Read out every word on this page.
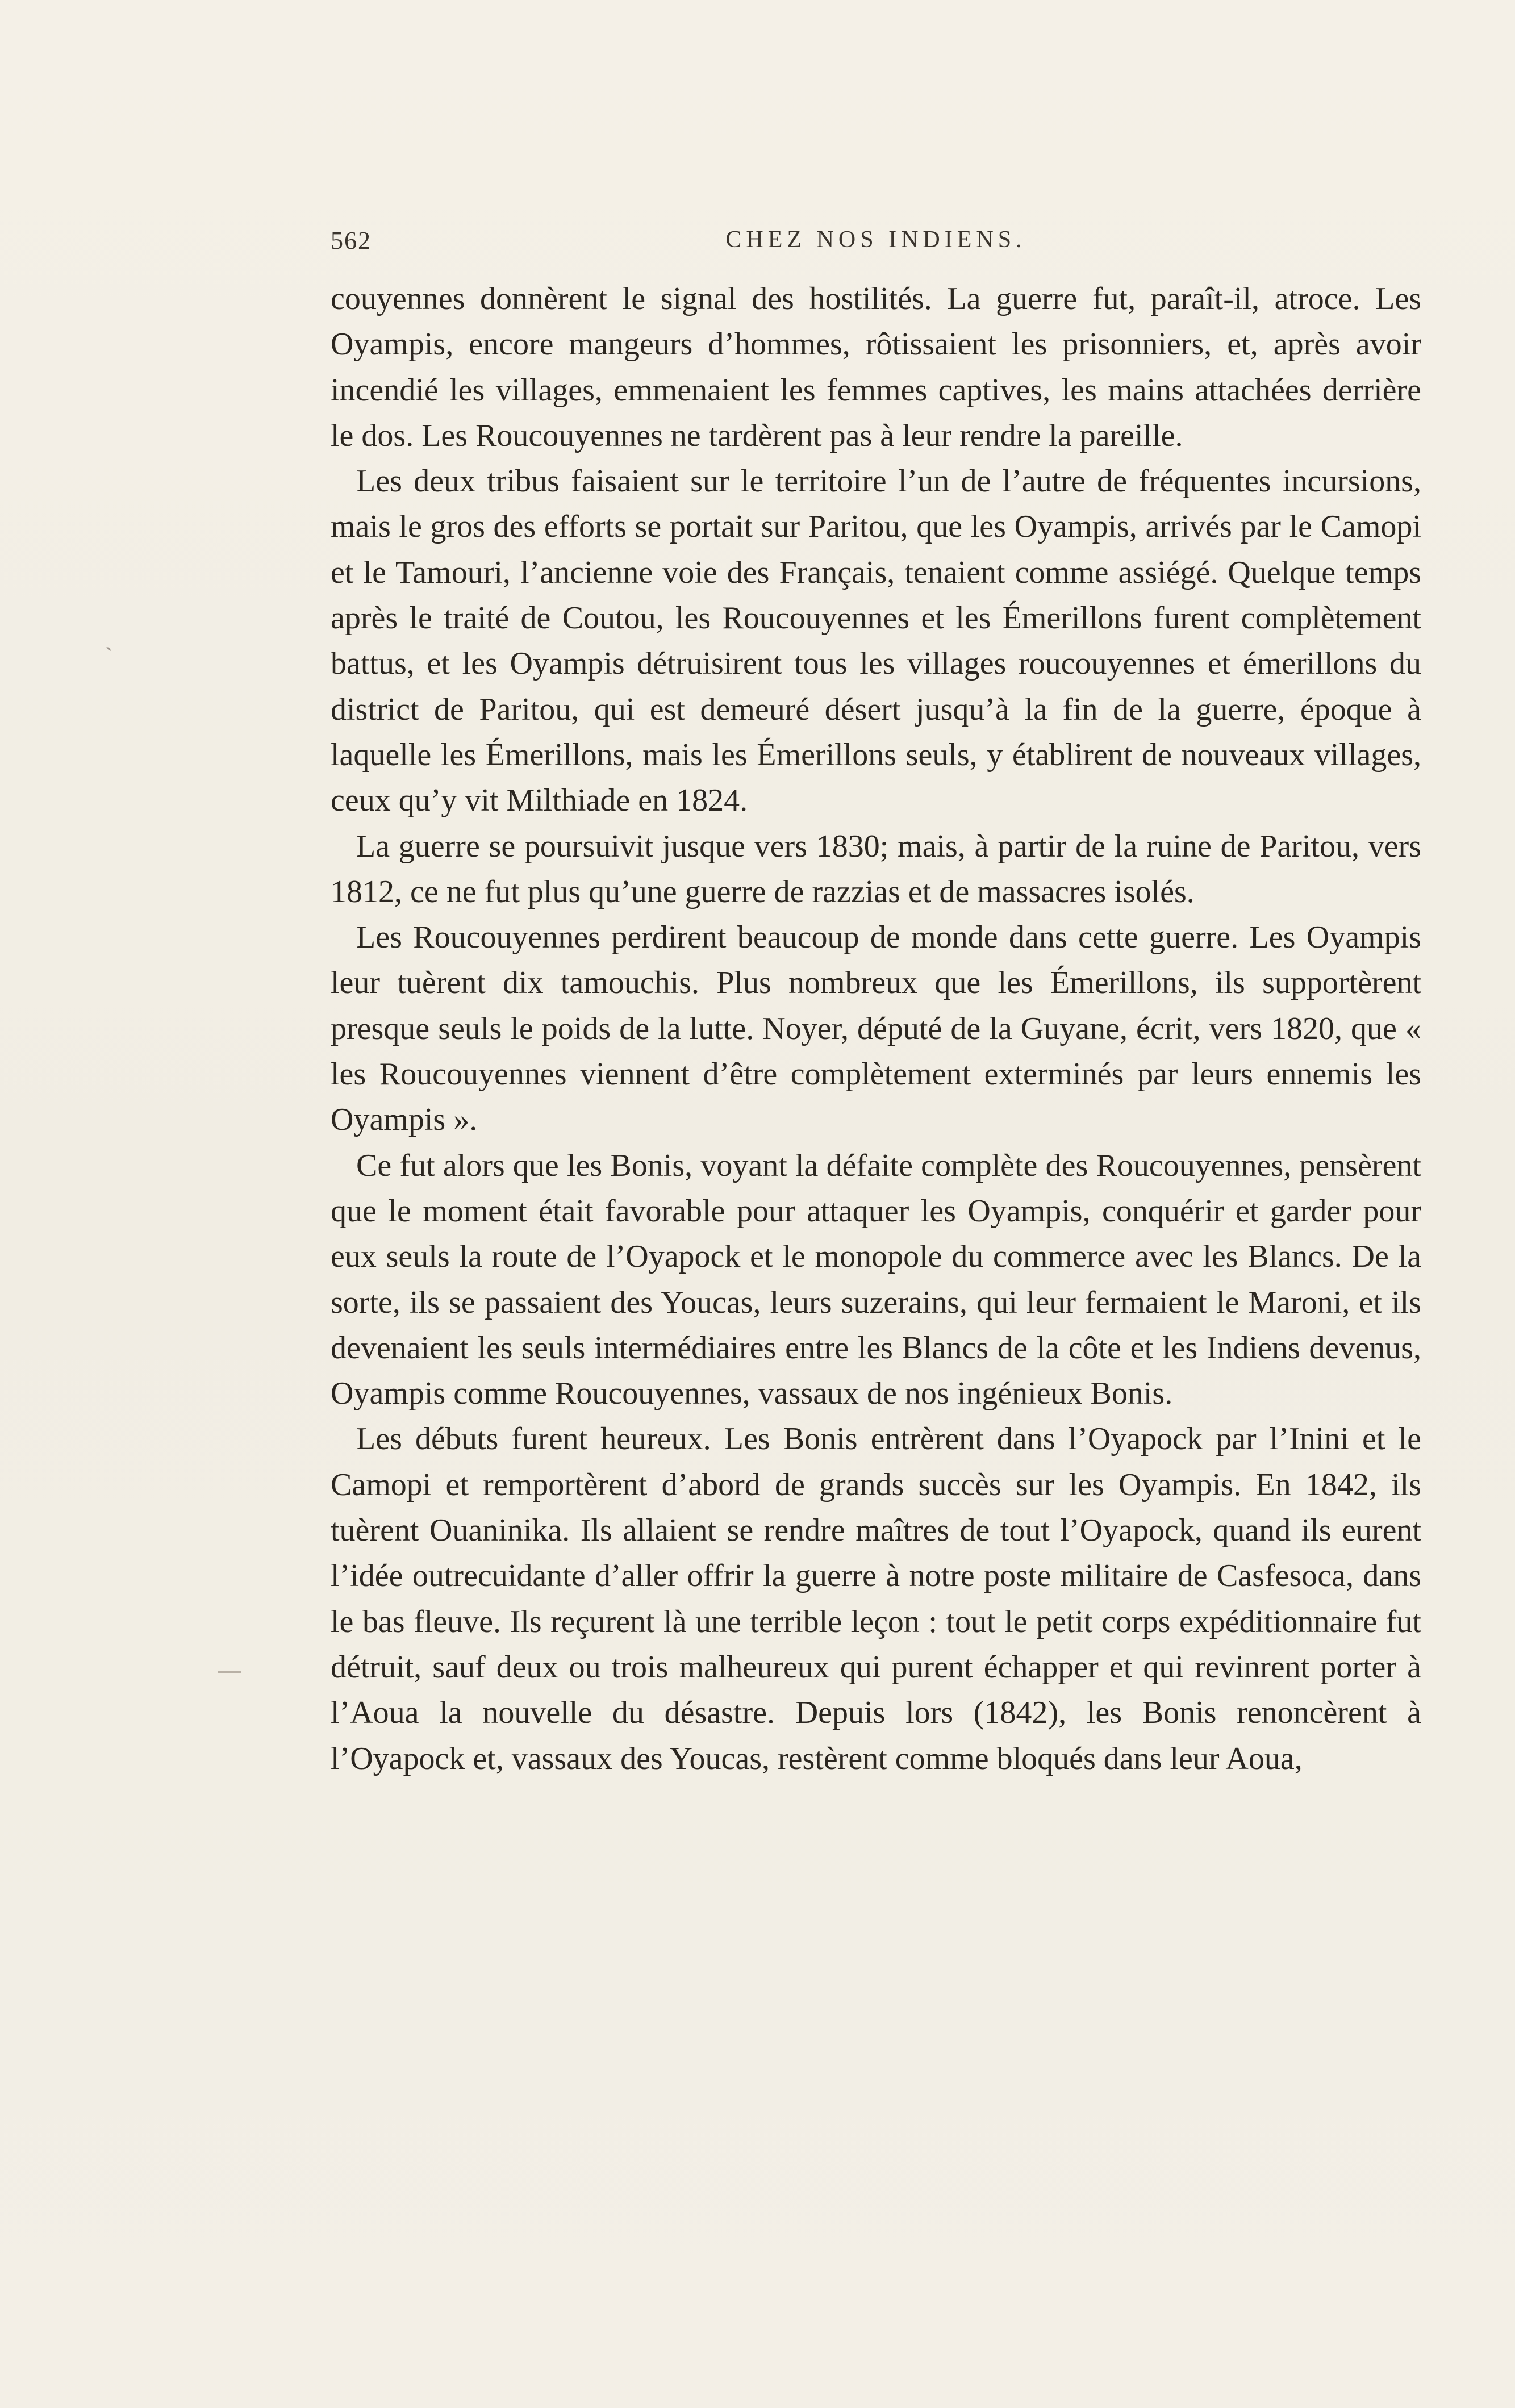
562	CHEZ NOS INDIENS.

couyennes donnèrent le signal des hostilités. La guerre fut, paraît-il, atroce. Les Oyampis, encore mangeurs d’hommes, rôtissaient les prisonniers, et, après avoir incendié les villages, emmenaient les femmes captives, les mains attachées derrière le dos. Les Roucouyennes ne tardèrent pas à leur rendre la pareille.

Les deux tribus faisaient sur le territoire l’un de l’autre de fréquentes incursions, mais le gros des efforts se portait sur Paritou, que les Oyampis, arrivés par le Camopi et le Tamouri, l’ancienne voie des Français, tenaient comme assiégé. Quelque temps après le traité de Coutou, les Roucouyennes et les Émerillons furent complètement battus, et les Oyampis détruisirent tous les villages roucouyennes et émerillons du district de Paritou, qui est demeuré désert jusqu’à la fin de la guerre, époque à laquelle les Émerillons, mais les Émerillons seuls, y établirent de nouveaux villages, ceux qu’y vit Milthiade en 1824.

La guerre se poursuivit jusque vers 1830; mais, à partir de la ruine de Paritou, vers 1812, ce ne fut plus qu’une guerre de razzias et de massacres isolés.

Les Roucouyennes perdirent beaucoup de monde dans cette guerre. Les Oyampis leur tuèrent dix tamouchis. Plus nombreux que les Émerillons, ils supportèrent presque seuls le poids de la lutte. Noyer, député de la Guyane, écrit, vers 1820, que « les Roucouyennes viennent d’être complètement exterminés par leurs ennemis les Oyampis ».

Ce fut alors que les Bonis, voyant la défaite complète des Roucouyennes, pensèrent que le moment était favorable pour attaquer les Oyampis, conquérir et garder pour eux seuls la route de l’Oyapock et le monopole du commerce avec les Blancs. De la sorte, ils se passaient des Youcas, leurs suzerains, qui leur fermaient le Maroni, et ils devenaient les seuls intermédiaires entre les Blancs de la côte et les Indiens devenus, Oyampis comme Roucouyennes, vassaux de nos ingénieux Bonis.

Les débuts furent heureux. Les Bonis entrèrent dans l’Oyapock par l’Inini et le Camopi et remportèrent d’abord de grands succès sur les Oyampis. En 1842, ils tuèrent Ouaninika. Ils allaient se rendre maîtres de tout l’Oyapock, quand ils eurent l’idée outrecuidante d’aller offrir la guerre à notre poste militaire de Casfesoca, dans le bas fleuve. Ils reçurent là une terrible leçon : tout le petit corps expéditionnaire fut détruit, sauf deux ou trois malheureux qui purent échapper et qui revinrent porter à l’Aoua la nouvelle du désastre. Depuis lors (1842), les Bonis renoncèrent à l’Oyapock et, vassaux des Youcas, restèrent comme bloqués dans leur Aoua,

ˎ
